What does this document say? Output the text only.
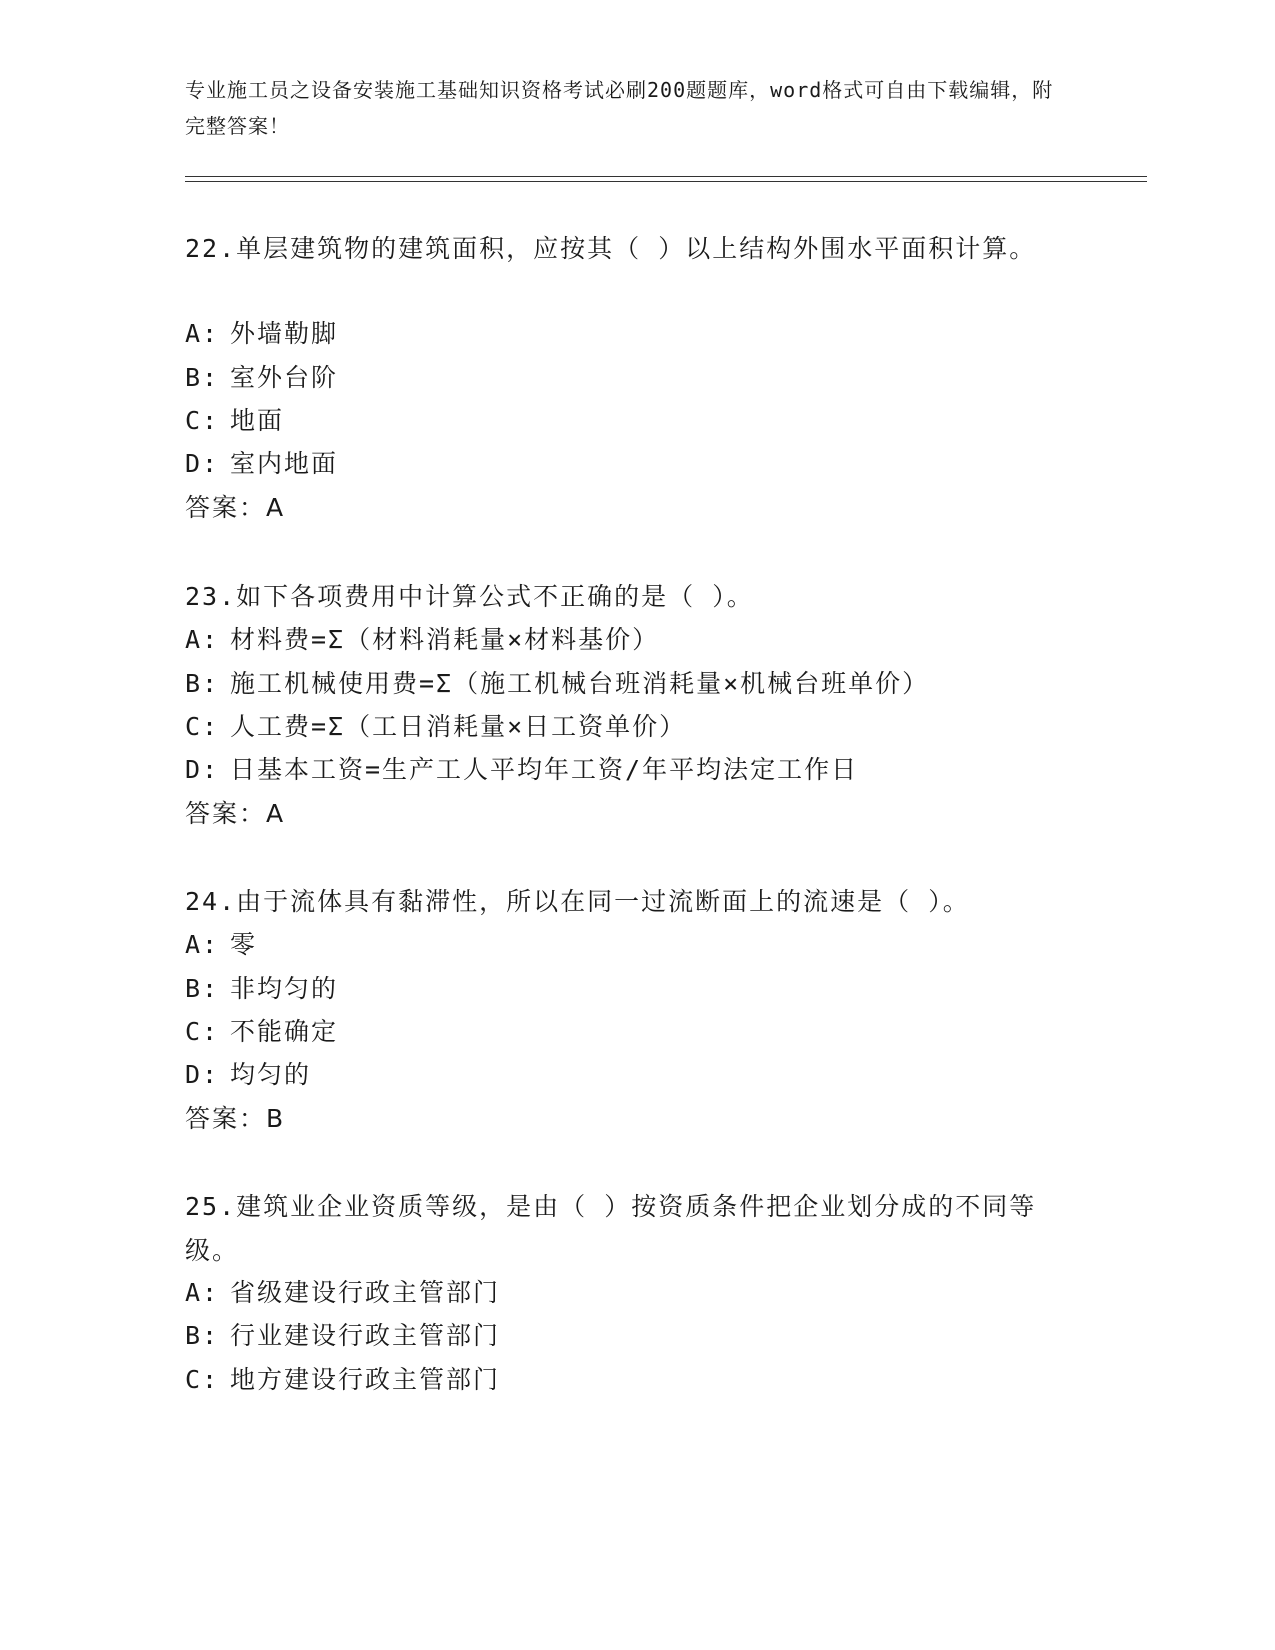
专业施工员之设备安装施工基础知识资格考试必刷200题题库，word格式可自由下载编辑，附完整答案！
22.单层建筑物的建筑面积，应按其（ ）以上结构外围水平面积计算。
A: 外墙勒脚
B: 室外台阶
C: 地面
D: 室内地面
答案：A
23.如下各项费用中计算公式不正确的是（ ）。
A: 材料费=Σ（材料消耗量×材料基价）
B: 施工机械使用费=Σ（施工机械台班消耗量×机械台班单价）
C: 人工费=Σ（工日消耗量×日工资单价）
D: 日基本工资=生产工人平均年工资/年平均法定工作日
答案：A
24.由于流体具有黏滞性，所以在同一过流断面上的流速是（ ）。
A: 零
B: 非均匀的
C: 不能确定
D: 均匀的
答案：B
25.建筑业企业资质等级，是由（ ）按资质条件把企业划分成的不同等级。
A: 省级建设行政主管部门
B: 行业建设行政主管部门
C: 地方建设行政主管部门
